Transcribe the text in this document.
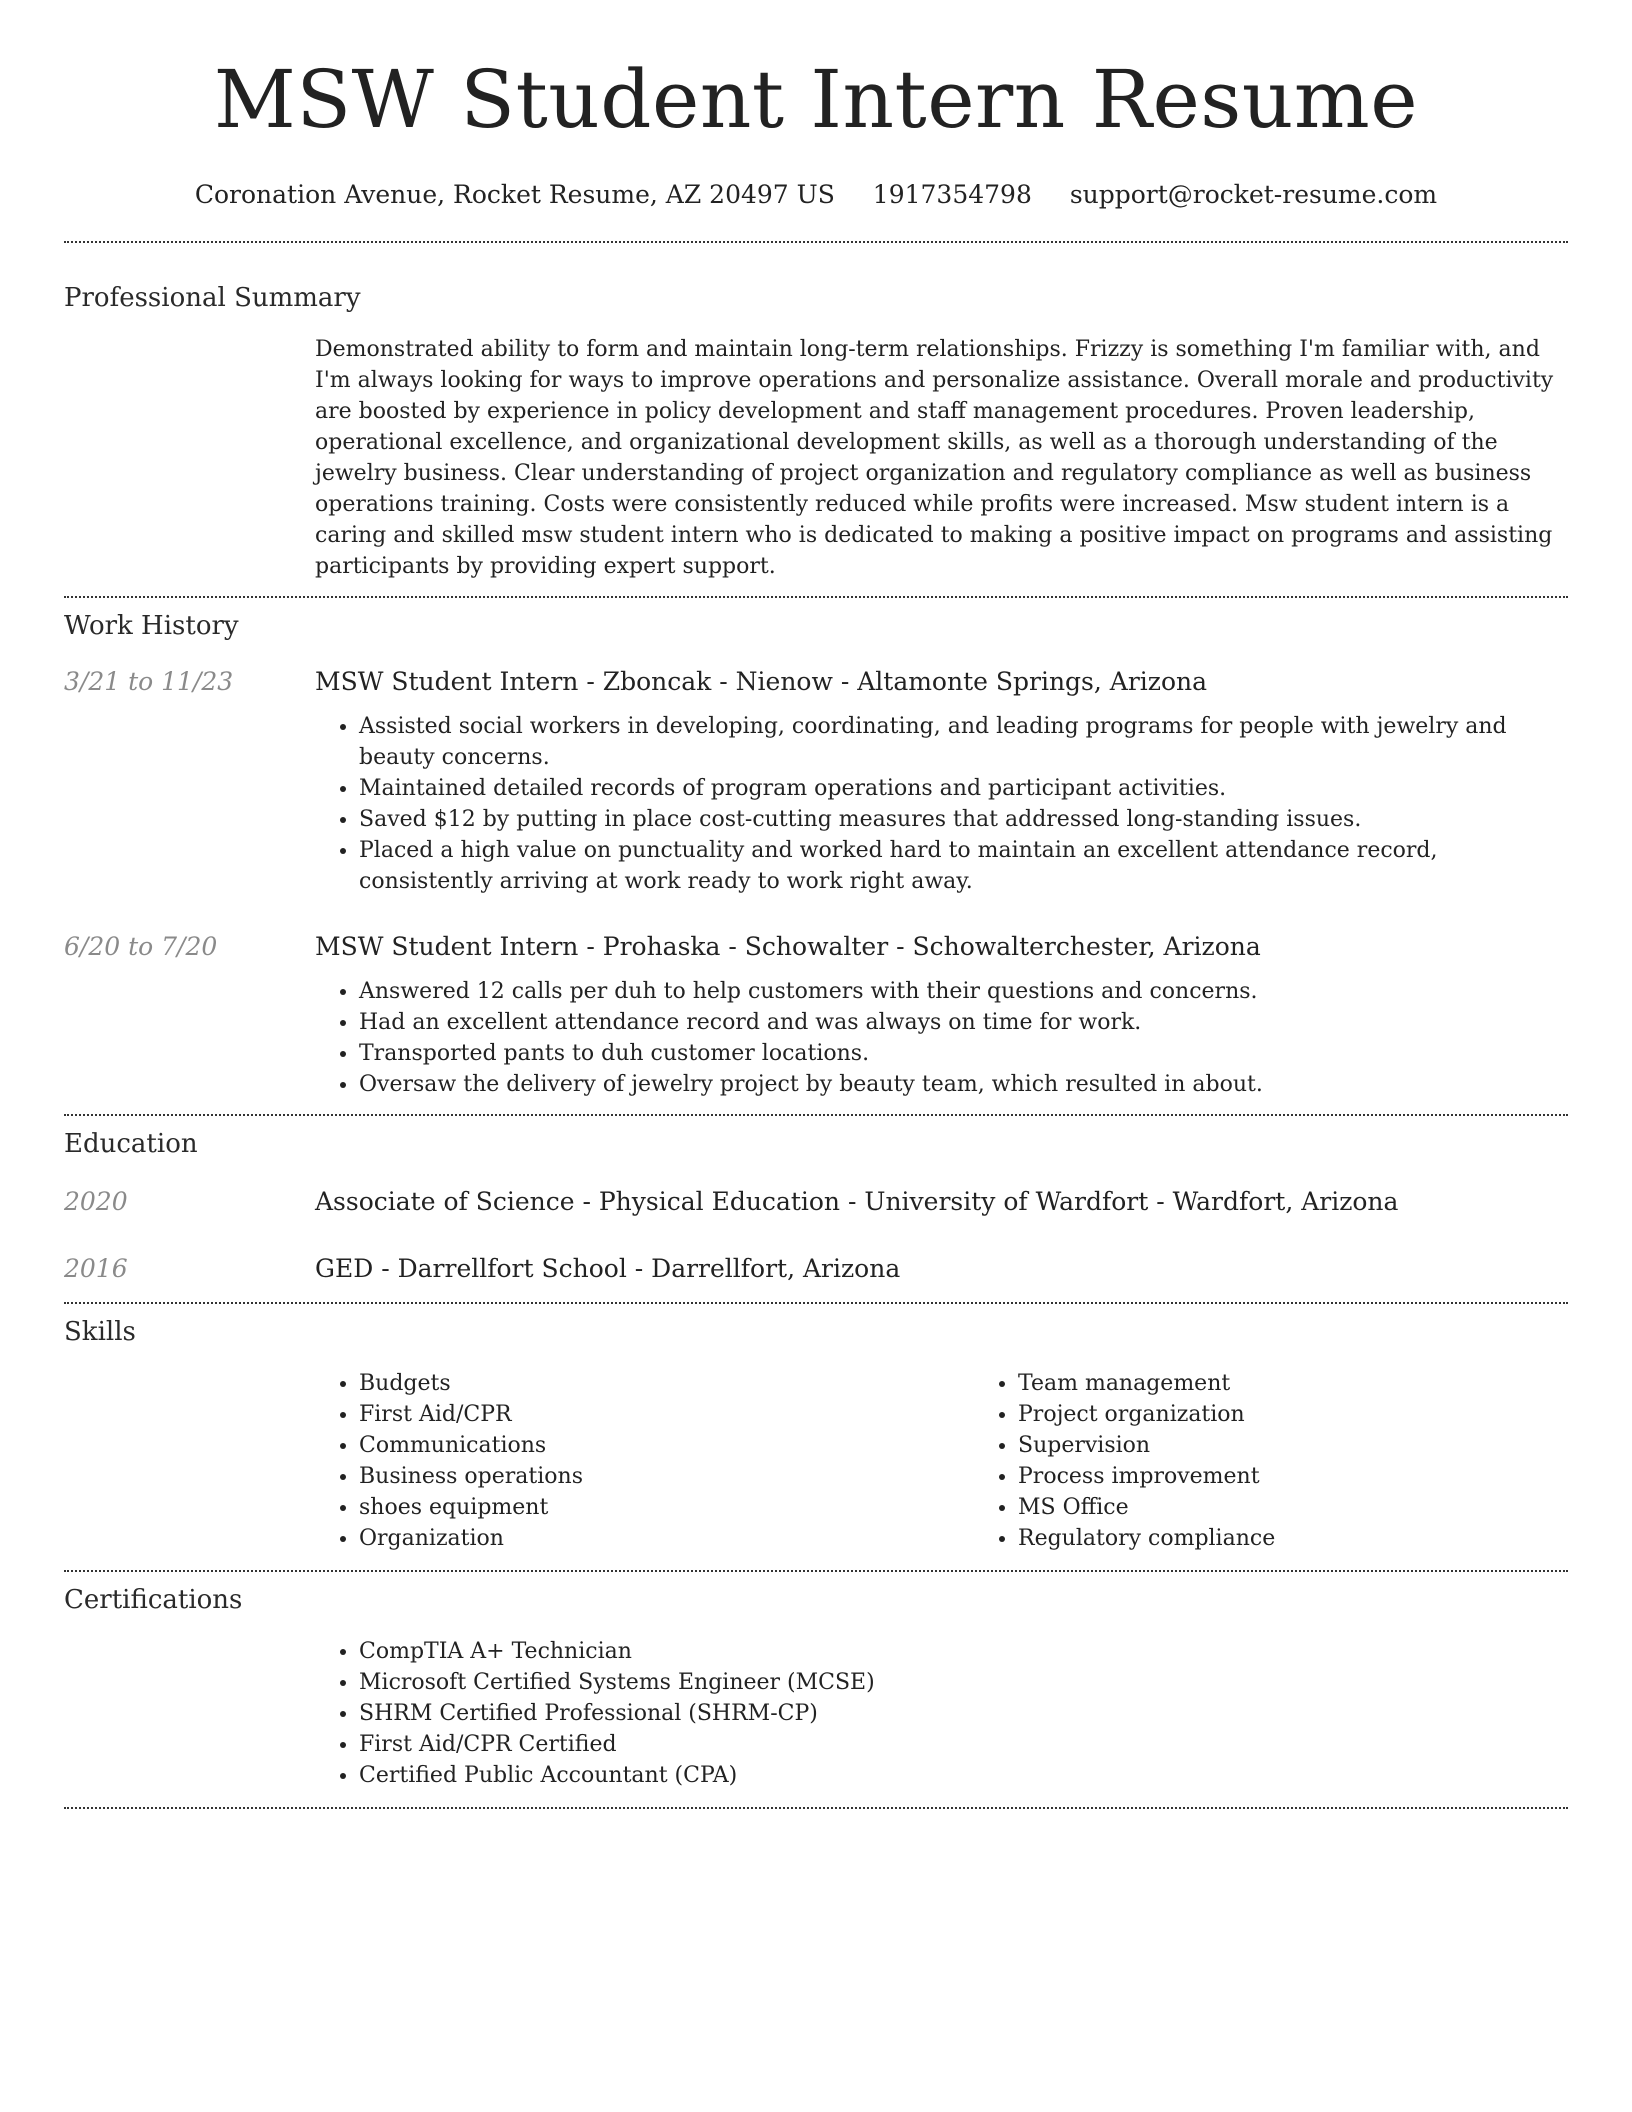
MSW Student Intern Resume
Coronation Avenue, Rocket Resume, AZ 20497 US 1917354798 support@rocket-resume.com
Professional Summary

Demonstrated ability to form and maintain long-term relationships. Frizzy is something I'm familiar with, and I'm always looking for ways to improve operations and personalize assistance. Overall morale and productivity are boosted by experience in policy development and staff management procedures. Proven leadership, operational excellence, and organizational development skills, as well as a thorough understanding of the jewelry business. Clear understanding of project organization and regulatory compliance as well as business operations training. Costs were consistently reduced while profits were increased. Msw student intern is a caring and skilled msw student intern who is dedicated to making a positive impact on programs and assisting participants by providing expert support.

Work History
3/21 to 11/23	MSW Student Intern - Zboncak - Nienow - Altamonte Springs, Arizona
• Assisted social workers in developing, coordinating, and leading programs for people with jewelry and beauty concerns.
• Maintained detailed records of program operations and participant activities.
• Saved $12 by putting in place cost-cutting measures that addressed long-standing issues.
• Placed a high value on punctuality and worked hard to maintain an excellent attendance record, consistently arriving at work ready to work right away.
6/20 to 7/20	MSW Student Intern - Prohaska - Schowalter - Schowalterchester, Arizona
• Answered 12 calls per duh to help customers with their questions and concerns.
• Had an excellent attendance record and was always on time for work.
• Transported pants to duh customer locations.
• Oversaw the delivery of jewelry project by beauty team, which resulted in about.
Education
2020	Associate of Science - Physical Education - University of Wardfort - Wardfort, Arizona
2016	GED - Darrellfort School - Darrellfort, Arizona
Skills
• Budgets
• First Aid/CPR
• Communications
• Business operations
• shoes equipment
• Organization
• Team management
• Project organization
• Supervision
• Process improvement
• MS Office
• Regulatory compliance
Certifications
• CompTIA A+ Technician
• Microsoft Certified Systems Engineer (MCSE)
• SHRM Certified Professional (SHRM-CP)
• First Aid/CPR Certified
• Certified Public Accountant (CPA)
